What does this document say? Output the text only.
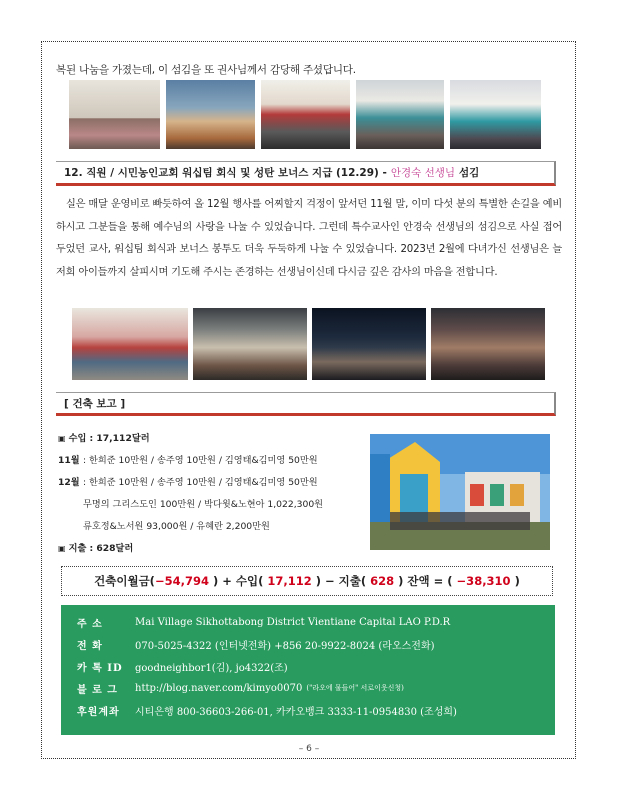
복된 나눔을 가졌는데, 이 섬김을 또 권사님께서 감당해 주셨답니다.
12. 직원 / 시민농인교회 워십팀 회식 및 성탄 보너스 지급 (12.29) - 안경숙 선생님 섬김
실은 매달 운영비로 빠듯하여 올 12월 행사를 어찌할지 걱정이 앞서던 11월 말, 이미 다섯 분의 특별한 손길을 예비하시고 그분들을 통해 예수님의 사랑을 나눌 수 있었습니다. 그런데 특수교사인 안경숙 선생님의 섬김으로 사실 접어두었던 교사, 워십팀 회식과 보너스 봉투도 더욱 두둑하게 나눌 수 있었습니다. 2023년 2월에 다녀가신 선생님은 늘 저희 아이들까지 살피시며 기도해 주시는 존경하는 선생님이신데 다시금 깊은 감사의 마음을 전합니다.
[ 건축 보고 ]
▣ 수입 : 17,112달러
11월 : 한희준 10만원 / 송주영 10만원 / 김영태&김미영 50만원
12월 : 한희준 10만원 / 송주영 10만원 / 김영태&김미영 50만원
무명의 그리스도인 100만원 / 박다윗&노현아 1,022,300원
류호정&노서원 93,000원 / 유혜란 2,200만원
▣ 지출 : 628달러
건축이월금( −54,794 ) + 수입( 17,112 ) − 지출( 628 ) 잔액 = ( −38,310 )
주 소	Mai Village Sikhottabong District Vientiane Capital LAO P.D.R
전 화	070-5025-4322 (인터넷전화) +856 20-9922-8024 (라오스전화)
카 톡 ID	goodneighbor1(김), jo4322(조)
블 로 그	http://blog.naver.com/kimyo0070 ("라오에 물들어" 서로이웃신청)
후원계좌	시티은행 800-36603-266-01, 카카오뱅크 3333-11-0954830 (조성희)
– 6 –
